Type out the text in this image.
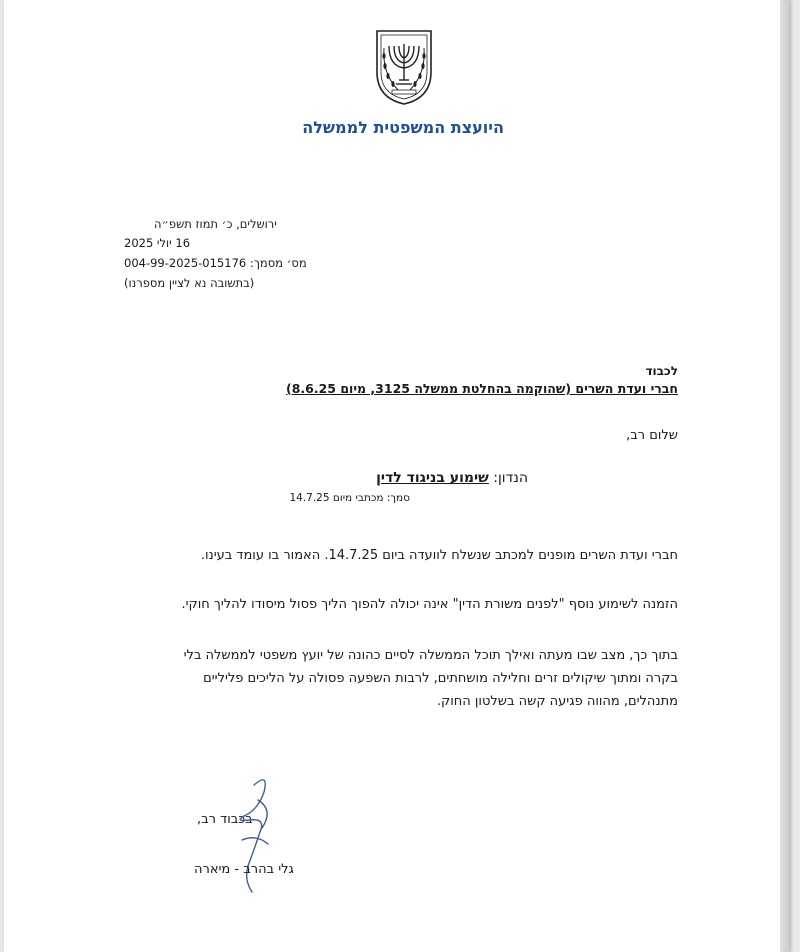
היועצת המשפטית לממשלה
ירושלים, כ׳ תמוז תשפ״ה
16 יולי 2025
004-99-2025-015176 מס׳ מסמך:
(בתשובה נא לציין מספרנו)
לכבוד
חברי ועדת השרים (שהוקמה בהחלטת ממשלה 3125, מיום 8.6.25)
שלום רב,
הנדון: שימוע בניגוד לדין
סמך: מכתבי מיום 14.7.25
חברי ועדת השרים מופנים למכתב שנשלח לוועדה ביום 14.7.25. האמור בו עומד בעינו.
הזמנה לשימוע נוסף "לפנים משורת הדין" אינה יכולה להפוך הליך פסול מיסודו להליך חוקי.
בתוך כך, מצב שבו מעתה ואילך תוכל הממשלה לסיים כהונה של יועץ משפטי לממשלה בלי
בקרה ומתוך שיקולים זרים וחלילה מושחתים, לרבות השפעה פסולה על הליכים פליליים
מתנהלים, מהווה פגיעה קשה בשלטון החוק.
בכבוד רב,
גלי בהרב - מיארה
